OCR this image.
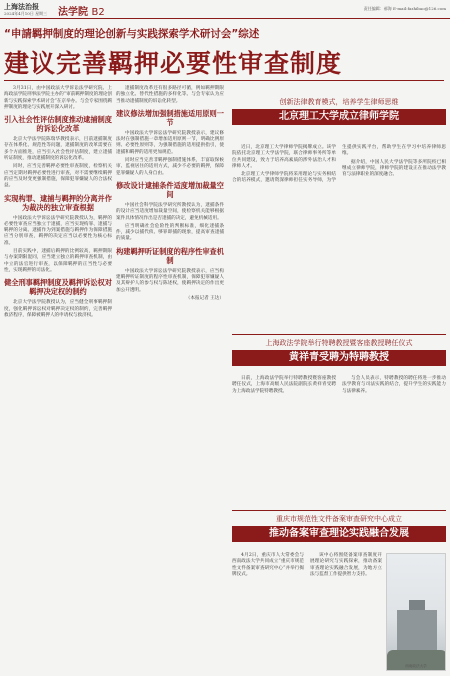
上海法治报
2024年4月10日 星期三 法学院 B2	责任编辑：郝海 E-mail:fazhibao@126.com
“申請羁押制度的理论创新与实践探索学术研讨会”综述
建议完善羁押必要性审查制度

3月31日，由中国政法大学诉讼法学研究院、上海政法学院刑事法学院主办的“审前羁押制度的理论创新与实践探索学术研讨会”在京举办。与会专家围绕羁押制度的理论与实践展开深入研讨。

引入社会性评估制度推动逮捕制度的诉讼化改革

北京大学法学院陈瑞华教授表示，目前逮捕制度存在体系化、规范性等问题，逮捕制度的改革需要在多个方面推进，应当引入社会性评估制度，建立逮捕听证制度，推动逮捕制度的诉讼化改革。

同时，应当完善羁押必要性审查制度，检察机关应当定期对羁押必要性进行审查，对不需要继续羁押的应当及时变更强制措施，保障犯罪嫌疑人的合法权益。

实现构罪、逮捕与羁押的分离并作为裁决的独立审查根据

中国政法大学诉讼法学研究院教授认为，羁押的必要性审查应当独立于逮捕，应当实现构罪、逮捕与羁押的分离。逮捕作为到案措施与羁押作为保障措施应当分别审查，羁押的决定应当以必要性为核心标准。

目前实践中，逮捕后羁押的比例较高，羁押期限与办案期限混同，应当建立独立的羁押审查机制，由中立的法官进行审查，以保障羁押的正当性与必要性，实现羁押的司法化。

健全刑事羁押制度及羁押诉讼权对羁押决定权的制约

北京大学法学院教授认为，应当健全刑事羁押制度，强化羁押诉讼权对羁押决定权的制约，完善羁押救济程序，保障被羁押人的申请权与救济权。

逮捕制度改革还有很多路径可循，例如羁押期限的独立化、替代性措施的多样化等。与会专家认为应当推动逮捕制度的诉讼化转型。

建议修法增加强制措施适用原则一节

中国政法大学诉讼法学研究院教授表示，建议修法时在强制措施一章增加适用原则一节，明确比例原则、必要性原则等，为强制措施的适用提供指引，使逮捕和羁押的适用更加规范。

同时应当完善非羁押强制措施体系，丰富取保候审、监视居住的适用方式，减少不必要的羁押，保障犯罪嫌疑人的人身自由。

修改设计逮捕条件适度增加裁量空间

中国社会科学院法学研究所教授认为，逮捕条件的设计应当适度增加裁量空间，使检察机关能够根据案件具体情况作出是否逮捕的决定，避免机械适用。

应当明确社会危险性的判断标准，细化逮捕条件，减少以捕代侦、够罪即捕的现象，提高审查逮捕的质量。

构建羁押听证制度的程序性审查机制

中国政法大学诉讼法学研究院教授表示，应当构建羁押听证制度的程序性审查机制，保障犯罪嫌疑人及其辩护人的参与权与陈述权，使羁押决定的作出更加公开透明。

（本报记者 王达）

创新法律教育模式，培养学生律师思维
北京理工大学成立律师学院

近日，北京理工大学律师学院揭牌成立。该学院依托北京理工大学法学院，联合律师事务所等单位共同建设，致力于培养高素质的涉外法治人才和律师人才。

北京理工大学律师学院将采用理论与实务相结合的培养模式，邀请资深律师担任实务导师，为学生提供实践平台，帮助学生在学习中培养律师思维。

据介绍，中国人民大学法学院等多所院校已相继成立律师学院，律师学院的建设正在推动法学教育与法律职业的深度融合。

上海政法学院举行特聘教授暨客座教授聘任仪式
黄祥青受聘为特聘教授

日前，上海政法学院举行特聘教授暨客座教授聘任仪式，上海市高级人民法院副院长黄祥青受聘为上海政法学院特聘教授。

与会人员表示，特聘教授的聘任将进一步推动法学教育与司法实践的结合，提升学生的实践能力与法律素养。

重庆市规范性文件备案审查研究中心成立
推动备案审查理论实践融合发展

4月2日，重庆市人大常委会与西南政法大学共同成立“重庆市规范性文件备案审查研究中心”并举行揭牌仪式。

该中心将围绕备案审查制度开展理论研究与实践探索，推动备案审查理论实践融合发展，为地方立法与监督工作提供智力支持。

西南政法大学
